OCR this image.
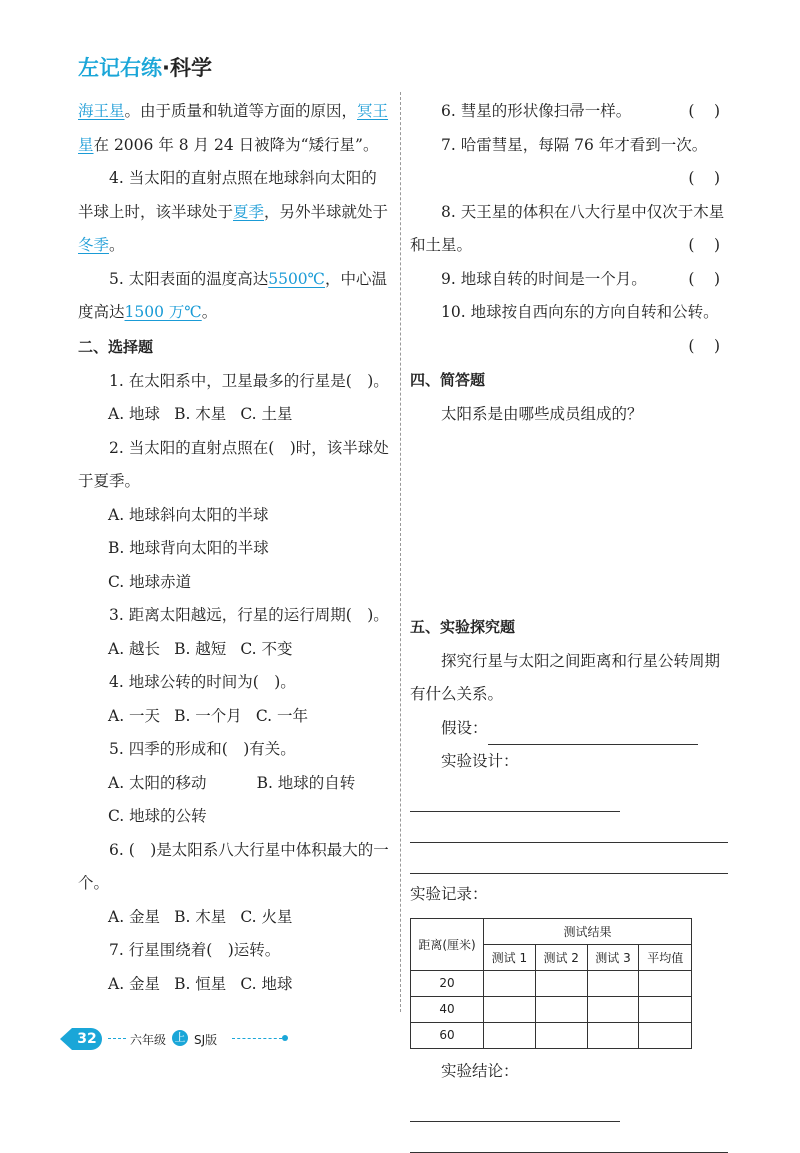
左记右练·科学

海王星。由于质量和轨道等方面的原因，冥王星在 2006 年 8 月 24 日被降为“矮行星”。

4. 当太阳的直射点照在地球斜向太阳的半球上时，该半球处于夏季，另外半球就处于冬季。

5. 太阳表面的温度高达5500℃，中心温度高达1500 万℃。

二、选择题

1. 在太阳系中，卫星最多的行星是(　)。

A. 地球 B. 木星 C. 土星

2. 当太阳的直射点照在(　)时，该半球处于夏季。

A. 地球斜向太阳的半球

B. 地球背向太阳的半球

C. 地球赤道

3. 距离太阳越远，行星的运行周期(　)。

A. 越长 B. 越短 C. 不变

4. 地球公转的时间为(　)。

A. 一天 B. 一个月 C. 一年

5. 四季的形成和(　)有关。

A. 太阳的移动	B. 地球的自转

C. 地球的公转

6. (　)是太阳系八大行星中体积最大的一个。

A. 金星 B. 木星 C. 火星

7. 行星围绕着(　)运转。

A. 金星 B. 恒星 C. 地球

6. 彗星的形状像扫帚一样。	(　)

7. 哈雷彗星，每隔 76 年才看到一次。

(　)

8. 天王星的体积在八大行星中仅次于木星和土星。	(　)

9. 地球自转的时间是一个月。	(　)

10. 地球按自西向东的方向自转和公转。

(　)

四、简答题

太阳系是由哪些成员组成的？

五、实验探究题

探究行星与太阳之间距离和行星公转周期有什么关系。

假设：

实验设计：

实验记录：

距离(厘米)	测试结果			
	测试 1	测试 2	测试 3	平均值
20				
40				
60				

实验结论：

32	六年级 上 SJ版
